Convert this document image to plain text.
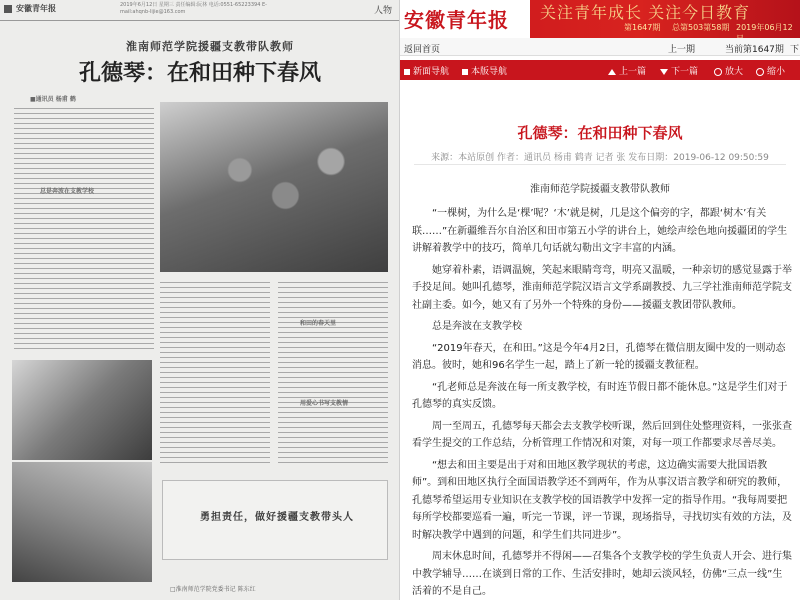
安徽青年报	2019年6月12日 星期三 责任编辑:阮林 电话:0551-65223394 E-mail:ahqnb-lijie@163.com	人物
淮南师范学院援疆支教带队教师
孔德琴：在和田种下春风
■通讯员 杨甫 鹤
总是奔波在支教学校
和田的春天里
用爱心书写支教情
勇担责任，做好援疆支教带头人
□淮南师范学院党委书记 陈东红
安徽青年报 关注青年成长 关注今日教育
第1647期 总第503第58期 2019年06月12
返回首页	上一期	当前第1647期 下
新面导航	本版导航	上一篇	下一篇	放大	缩小
孔德琴：在和田种下春风
来源：本站原创 作者：通讯员 杨甫 鹤青 记者 张 发布日期：2019-06-12 09:50:59
淮南师范学院援疆支教带队教师

“一棵树，为什么是‘棵’呢？‘木’就是树，几是这个偏旁的字，都跟‘树木’有关联……”在新疆维吾尔自治区和田市第五小学的讲台上，她绘声绘色地向援疆团的学生讲解着教学中的技巧，简单几句话就勾勒出文字丰富的内涵。

她穿着朴素，语调温婉，笑起来眼睛弯弯，明亮又温暖，一种亲切的感觉显露于举手投足间。她叫孔德琴，淮南师范学院汉语言文学系副教授、九三学社淮南师范学院支社副主委。如今，她又有了另外一个特殊的身份——援疆支教团带队教师。

总是奔波在支教学校

“2019年春天，在和田。”这是今年4月2日，孔德琴在微信朋友圈中发的一则动态消息。彼时，她和96名学生一起，踏上了新一轮的援疆支教征程。

“孔老师总是奔波在每一所支教学校，有时连节假日都不能休息。”这是学生们对于孔德琴的真实反馈。

周一至周五，孔德琴每天都会去支教学校听课，然后回到住处整理资料，一张张查看学生提交的工作总结，分析管理工作情况和对策，对每一项工作都要求尽善尽美。

“想去和田主要是出于对和田地区教学现状的考虑，这边确实需要大批国语教师”。到和田地区执行全面国语教学还不到两年，作为从事汉语言教学和研究的教师，孔德琴希望运用专业知识在支教学校的国语教学中发挥一定的指导作用。“我每周要把每所学校都要巡看一遍，听完一节课，评一节课，现场指导，寻找切实有效的方法，及时解决教学中遇到的问题，和学生们共同进步”。

周末休息时间，孔德琴并不得闲——召集各个支教学校的学生负责人开会、进行集中教学辅导……在谈到日常的工作、生活安排时，她却云淡风轻，仿佛“三点一线”生活着的不是自己。
